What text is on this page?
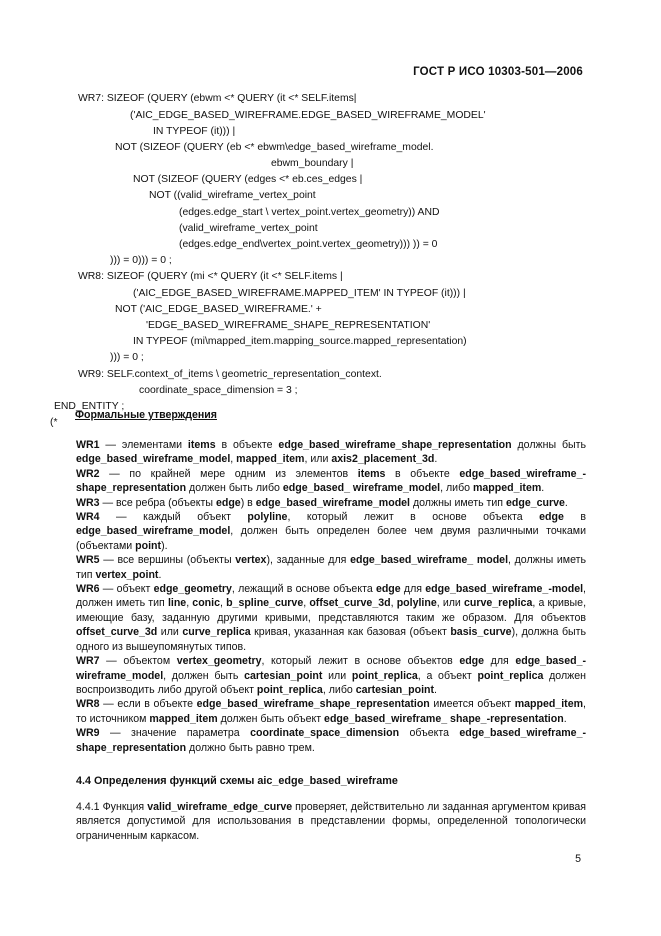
ГОСТ Р ИСО 10303-501—2006
WR7: SIZEOF (QUERY (ebwm <* QUERY (it <* SELF.items|
('AIC_EDGE_BASED_WIREFRAME.EDGE_BASED_WIREFRAME_MODEL'
IN TYPEOF (it))) |
NOT (SIZEOF (QUERY (eb <* ebwm\edge_based_wireframe_model.
ebwm_boundary |
NOT (SIZEOF (QUERY (edges <* eb.ces_edges |
NOT ((valid_wireframe_vertex_point
(edges.edge_start \ vertex_point.vertex_geometry)) AND
(valid_wireframe_vertex_point
(edges.edge_end\vertex_point.vertex_geometry))) )) = 0
))) = 0))) = 0 ;
WR8: SIZEOF (QUERY (mi <* QUERY (it <* SELF.items |
('AIC_EDGE_BASED_WIREFRAME.MAPPED_ITEM' IN TYPEOF (it))) |
NOT ('AIC_EDGE_BASED_WIREFRAME.' +
'EDGE_BASED_WIREFRAME_SHAPE_REPRESENTATION'
IN TYPEOF (mi\mapped_item.mapping_source.mapped_representation)
))) = 0 ;
WR9: SELF.context_of_items \ geometric_representation_context.
coordinate_space_dimension = 3 ;
END_ENTITY ;
(*
Формальные утверждения
WR1 — элементами items в объекте edge_based_wireframe_shape_representation должны быть edge_based_wireframe_model, mapped_item, или axis2_placement_3d.
WR2 — по крайней мере одним из элементов items в объекте edge_based_wireframe_-shape_representation должен быть либо edge_based_ wireframe_model, либо mapped_item.
WR3 — все ребра (объекты edge) в edge_based_wireframe_model должны иметь тип edge_curve.
WR4 — каждый объект polyline, который лежит в основе объекта edge в edge_based_wireframe_model, должен быть определен более чем двумя различными точками (объектами point).
WR5 — все вершины (объекты vertex), заданные для edge_based_wireframe_ model, должны иметь тип vertex_point.
WR6 — объект edge_geometry, лежащий в основе объекта edge для edge_based_wireframe_-model, должен иметь тип line, conic, b_spline_curve, offset_curve_3d, polyline, или curve_replica, а кривые, имеющие базу, заданную другими кривыми, представляются таким же образом. Для объектов offset_curve_3d или curve_replica кривая, указанная как базовая (объект basis_curve), должна быть одного из вышеупомянутых типов.
WR7 — объектом vertex_geometry, который лежит в основе объектов edge для edge_based_-wireframe_model, должен быть cartesian_point или point_replica, а объект point_replica должен воспроизводить либо другой объект point_replica, либо cartesian_point.
WR8 — если в объекте edge_based_wireframe_shape_representation имеется объект mapped_item, то источником mapped_item должен быть объект edge_based_wireframe_ shape_-representation.
WR9 — значение параметра coordinate_space_dimension объекта edge_based_wireframe_-shape_representation должно быть равно трем.
4.4 Определения функций схемы aic_edge_based_wireframe
4.4.1 Функция valid_wireframe_edge_curve проверяет, действительно ли заданная аргументом кривая является допустимой для использования в представлении формы, определенной топологически ограниченным каркасом.
5
